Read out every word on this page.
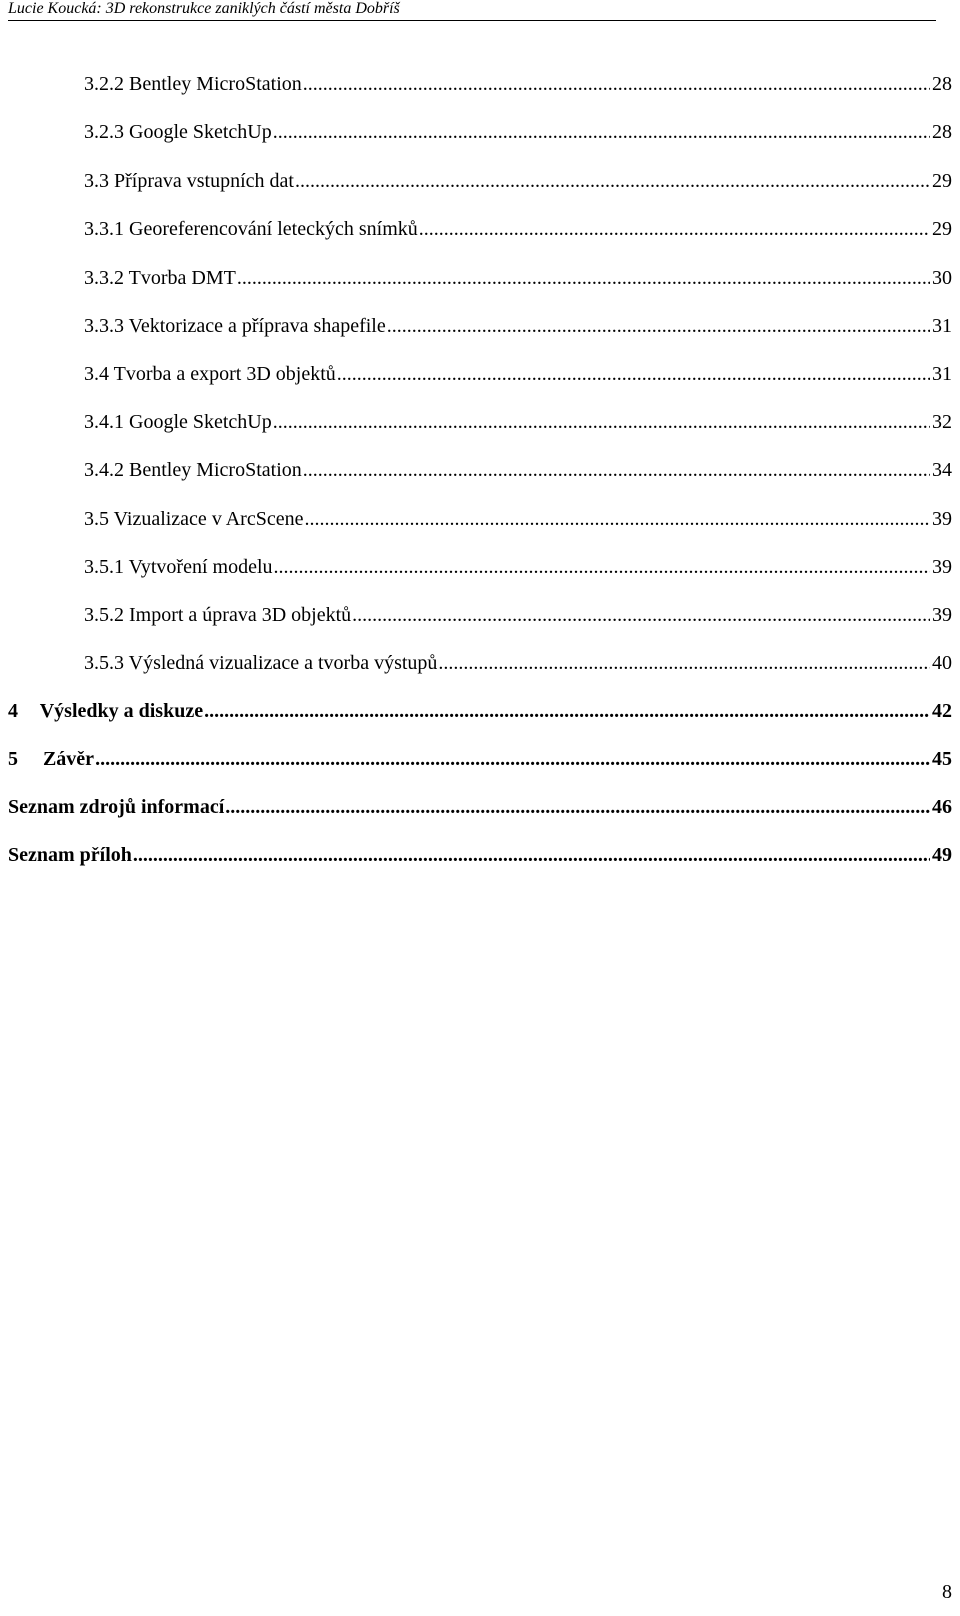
Lucie Koucká: 3D rekonstrukce zaniklých částí města Dobříš
3.2.2 Bentley MicroStation .....	28
3.2.3 Google SketchUp .....	28
3.3 Příprava vstupních dat .....	29
3.3.1 Georeferencování leteckých snímků .....	29
3.3.2 Tvorba DMT .....	30
3.3.3 Vektorizace a příprava shapefile .....	31
3.4 Tvorba a export 3D objektů .....	31
3.4.1 Google SketchUp .....	32
3.4.2 Bentley MicroStation .....	34
3.5 Vizualizace v ArcScene .....	39
3.5.1 Vytvoření modelu .....	39
3.5.2 Import a úprava 3D objektů .....	39
3.5.3 Výsledná vizualizace a tvorba výstupů .....	40
4 Výsledky a diskuze .....	42
5 Závěr .....	45
Seznam zdrojů informací .....	46
Seznam příloh .....	49
8
